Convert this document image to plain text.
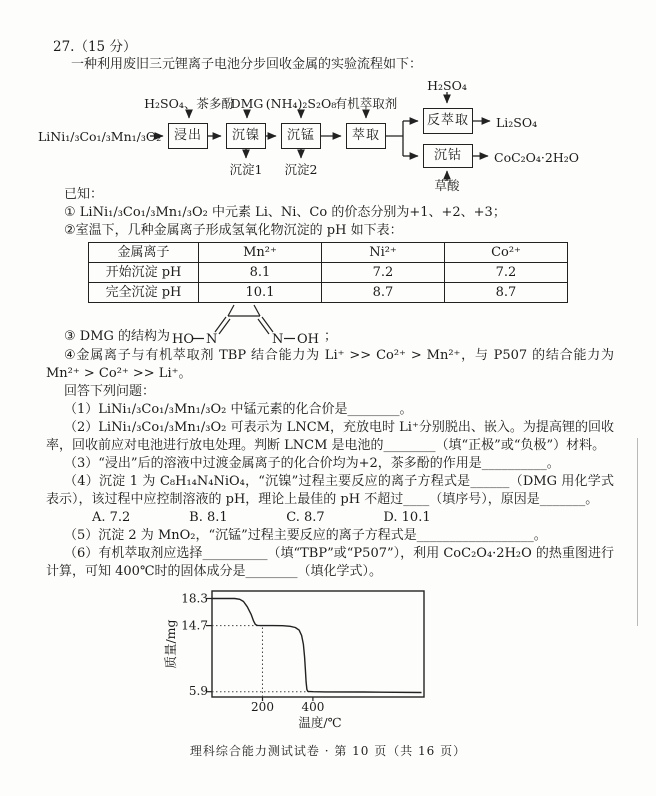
27.（15 分）

一种利用废旧三元锂离子电池分步回收金属的实验流程如下：

LiNi₁/₃Co₁/₃Mn₁/₃O₂
H₂SO₄、茶多酚
DMG (NH₄)₂S₂O₈
有机萃取剂
H₂SO₄
浸出	沉镍	沉锰	萃取
反萃取
沉钴
沉淀1 沉淀2
草酸
Li₂SO₄
CoC₂O₄·2H₂O

已知：

① LiNi₁/₃Co₁/₃Mn₁/₃O₂ 中元素 Li、Ni、Co 的价态分别为+1、+2、+3；

②室温下，几种金属离子形成氢氧化物沉淀的 pH 如下表：

金属离子	Mn²⁺	Ni²⁺	Co²⁺
开始沉淀 pH	8.1	7.2	7.2
完全沉淀 pH	10.1	8.7	8.7
③ DMG 的结构为 HO N	N OH ；

④金属离子与有机萃取剂 TBP 结合能力为 Li⁺ >> Co²⁺ > Mn²⁺，与 P507 的结合能力为 Mn²⁺ > Co²⁺ >> Li⁺。

回答下列问题：

（1）LiNi₁/₃Co₁/₃Mn₁/₃O₂ 中锰元素的化合价是________。

（2）LiNi₁/₃Co₁/₃Mn₁/₃O₂ 可表示为 LNCM，充放电时 Li⁺分别脱出、嵌入。为提高锂的回收率，回收前应对电池进行放电处理。判断 LNCM 是电池的________（填“正极”或“负极”）材料。

（3）“浸出”后的溶液中过渡金属离子的化合价均为+2，茶多酚的作用是__________。

（4）沉淀 1 为 C₈H₁₄N₄NiO₄，“沉镍”过程主要反应的离子方程式是______（DMG 用化学式表示），该过程中应控制溶液的 pH，理论上最佳的 pH 不超过____（填序号），原因是_______。

A. 7.2	B. 8.1	C. 8.7	D. 10.1

（5）沉淀 2 为 MnO₂，“沉锰”过程主要反应的离子方程式是__________________。

（6）有机萃取剂应选择__________（填“TBP”或“P507”），利用 CoC₂O₄·2H₂O 的热重图进行计算，可知 400℃时的固体成分是________（填化学式）。

18.3
14.7
5.9
200 400
质量/mg
温度/℃

理科综合能力测试试卷 · 第 10 页（共 16 页）
